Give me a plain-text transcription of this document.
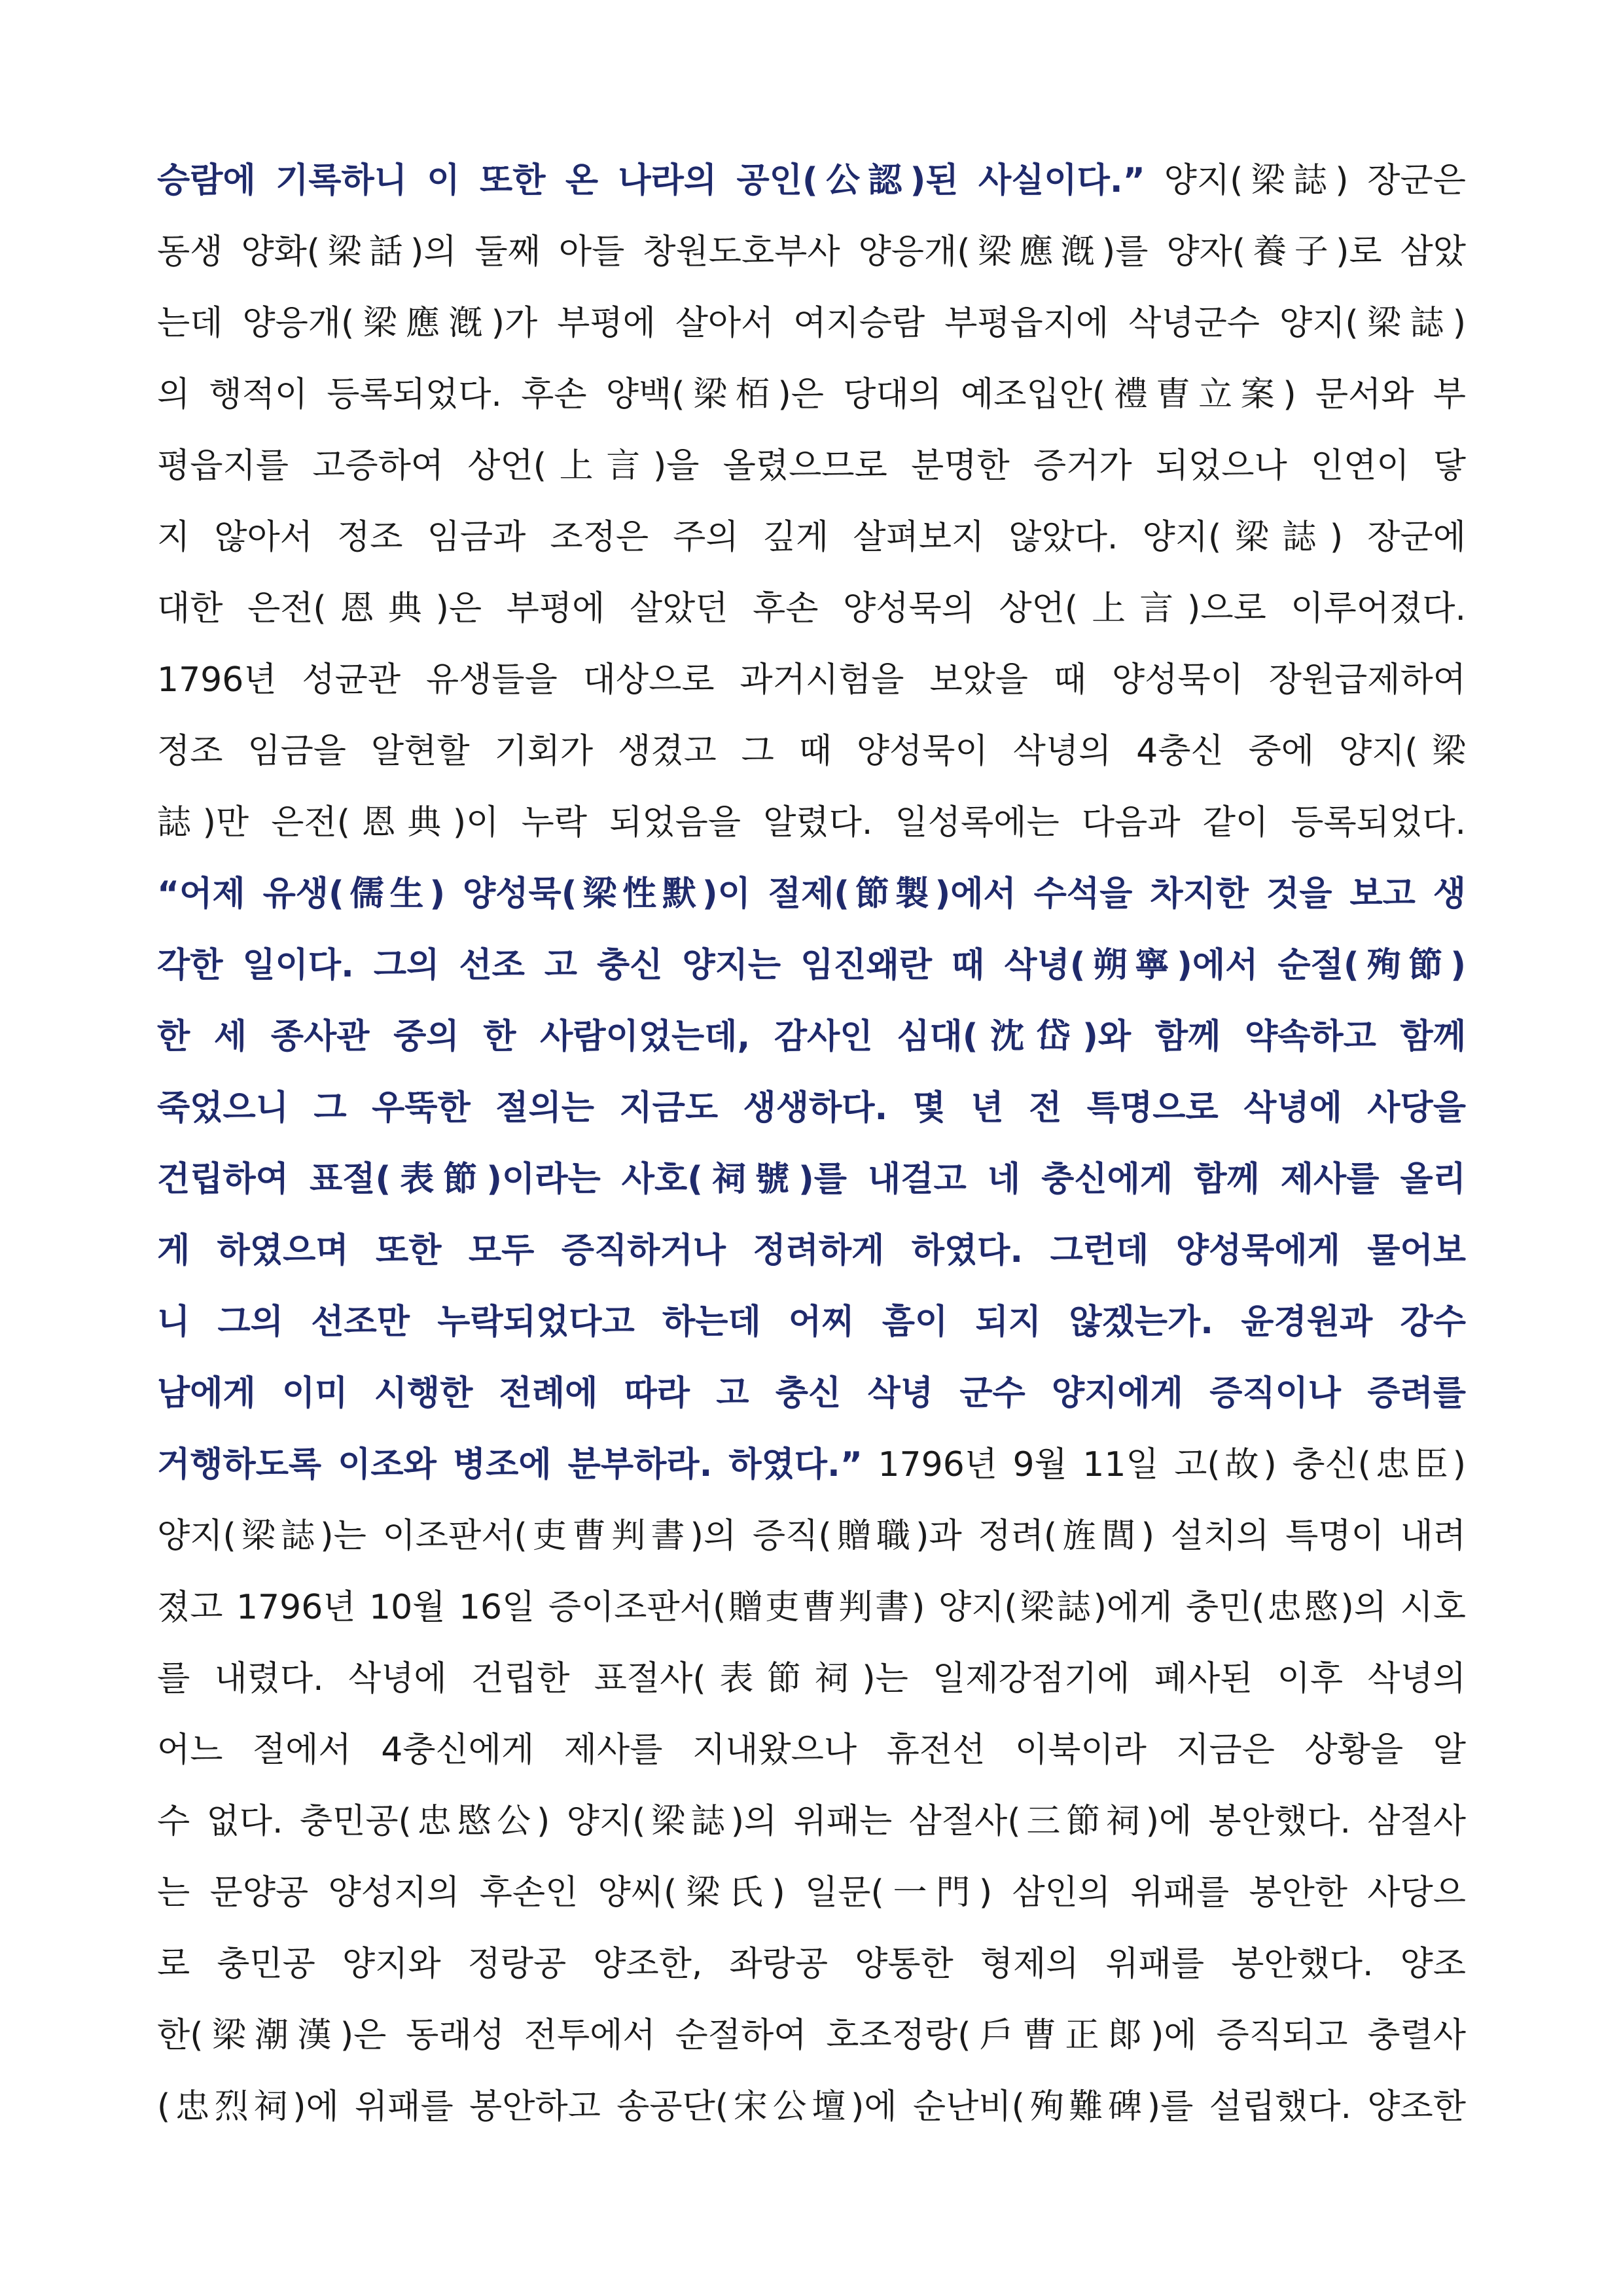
승람에 기록하니 이 또한 온 나라의 공인(公認)된 사실이다.” 양지(梁誌) 장군은
동생 양화(梁話)의 둘째 아들 창원도호부사 양응개(梁應漑)를 양자(養子)로 삼았
는데 양응개(梁應漑)가 부평에 살아서 여지승람 부평읍지에 삭녕군수 양지(梁誌)
의 행적이 등록되었다. 후손 양백(梁栢)은 당대의 예조입안(禮曺立案) 문서와 부
평읍지를 고증하여 상언(上言)을 올렸으므로 분명한 증거가 되었으나 인연이 닿
지 않아서 정조 임금과 조정은 주의 깊게 살펴보지 않았다. 양지(梁誌) 장군에
대한 은전(恩典)은 부평에 살았던 후손 양성묵의 상언(上言)으로 이루어졌다.
1796년 성균관 유생들을 대상으로 과거시험을 보았을 때 양성묵이 장원급제하여
정조 임금을 알현할 기회가 생겼고 그 때 양성묵이 삭녕의 4충신 중에 양지(梁
誌)만 은전(恩典)이 누락 되었음을 알렸다. 일성록에는 다음과 같이 등록되었다.
“어제 유생(儒生) 양성묵(梁性默)이 절제(節製)에서 수석을 차지한 것을 보고 생
각한 일이다. 그의 선조 고 충신 양지는 임진왜란 때 삭녕(朔寧)에서 순절(殉節)
한 세 종사관 중의 한 사람이었는데, 감사인 심대(沈岱)와 함께 약속하고 함께
죽었으니 그 우뚝한 절의는 지금도 생생하다. 몇 년 전 특명으로 삭녕에 사당을
건립하여 표절(表節)이라는 사호(祠號)를 내걸고 네 충신에게 함께 제사를 올리
게 하였으며 또한 모두 증직하거나 정려하게 하였다. 그런데 양성묵에게 물어보
니 그의 선조만 누락되었다고 하는데 어찌 흠이 되지 않겠는가. 윤경원과 강수
남에게 이미 시행한 전례에 따라 고 충신 삭녕 군수 양지에게 증직이나 증려를
거행하도록 이조와 병조에 분부하라. 하였다.” 1796년 9월 11일 고(故) 충신(忠臣)
양지(梁誌)는 이조판서(吏曹判書)의 증직(贈職)과 정려(旌閭) 설치의 특명이 내려
졌고 1796년 10월 16일 증이조판서(贈吏曹判書) 양지(梁誌)에게 충민(忠愍)의 시호
를 내렸다. 삭녕에 건립한 표절사(表節祠)는 일제강점기에 폐사된 이후 삭녕의
어느 절에서 4충신에게 제사를 지내왔으나 휴전선 이북이라 지금은 상황을 알
수 없다. 충민공(忠愍公) 양지(梁誌)의 위패는 삼절사(三節祠)에 봉안했다. 삼절사
는 문양공 양성지의 후손인 양씨(梁氏) 일문(一門) 삼인의 위패를 봉안한 사당으
로 충민공 양지와 정랑공 양조한, 좌랑공 양통한 형제의 위패를 봉안했다. 양조
한(梁潮漢)은 동래성 전투에서 순절하여 호조정랑(戶曹正郞)에 증직되고 충렬사
(忠烈祠)에 위패를 봉안하고 송공단(宋公壇)에 순난비(殉難碑)를 설립했다. 양조한
